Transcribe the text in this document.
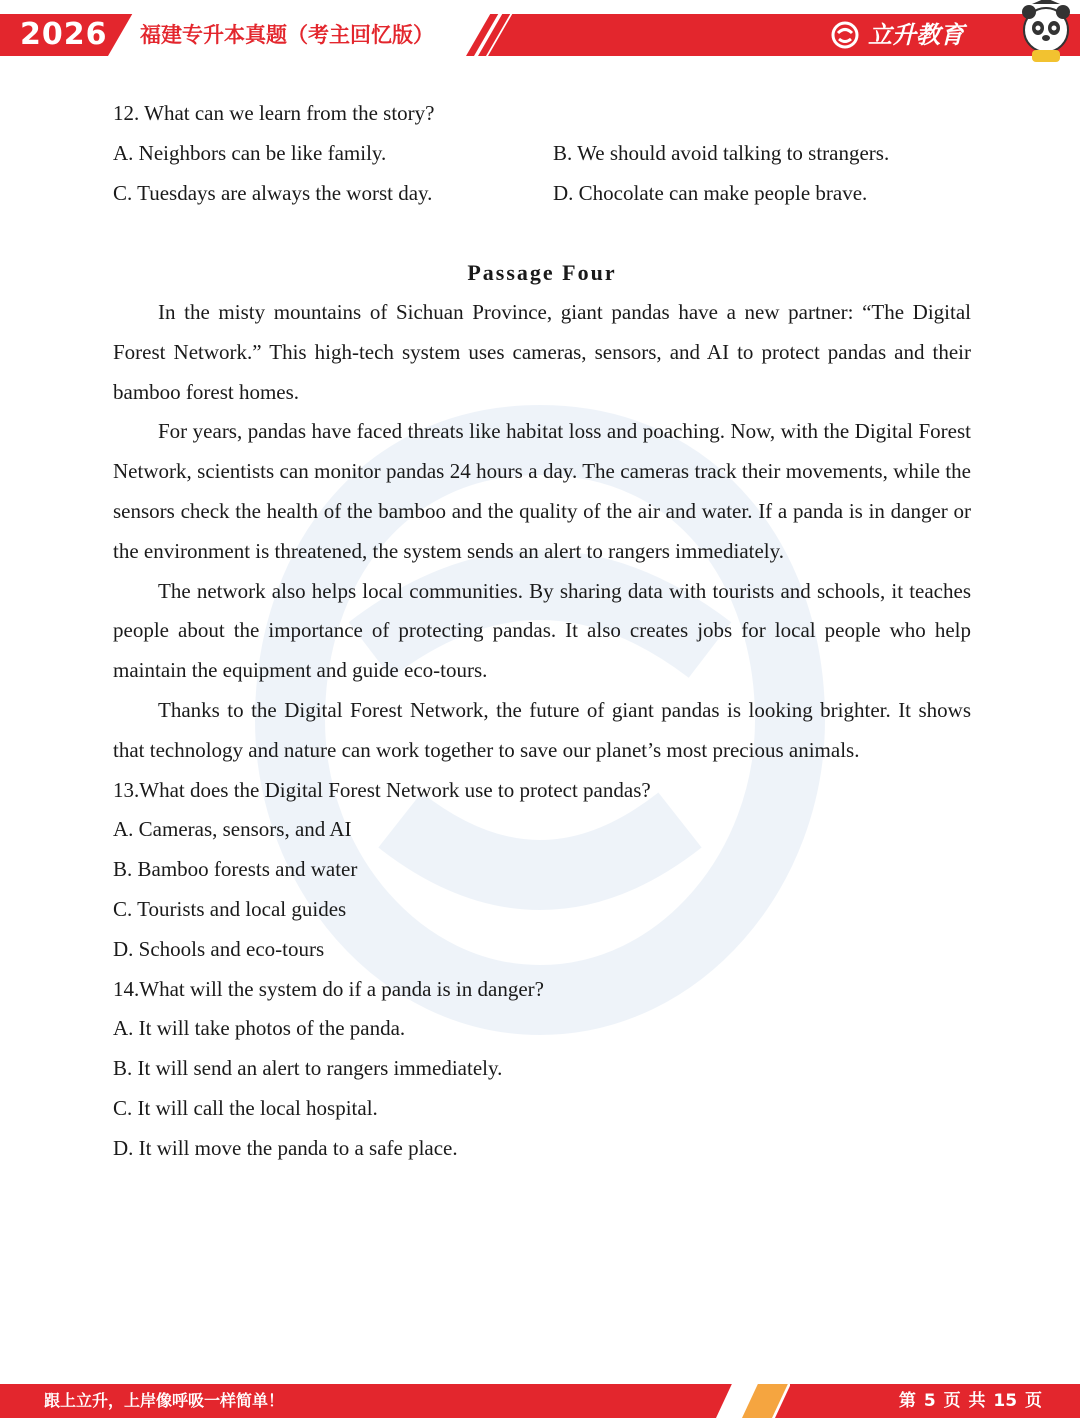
2026 福建专升本真题（考主回忆版）	立升教育
12. What can we learn from the story?
A. Neighbors can be like family.	B. We should avoid talking to strangers.
C. Tuesdays are always the worst day.	D. Chocolate can make people brave.
Passage Four

In the misty mountains of Sichuan Province, giant pandas have a new partner: “The Digital Forest Network.” This high-tech system uses cameras, sensors, and AI to protect pandas and their bamboo forest homes.

For years, pandas have faced threats like habitat loss and poaching. Now, with the Digital Forest Network, scientists can monitor pandas 24 hours a day. The cameras track their movements, while the sensors check the health of the bamboo and the quality of the air and water. If a panda is in danger or the environment is threatened, the system sends an alert to rangers immediately.

The network also helps local communities. By sharing data with tourists and schools, it teaches people about the importance of protecting pandas. It also creates jobs for local people who help maintain the equipment and guide eco-tours.

Thanks to the Digital Forest Network, the future of giant pandas is looking brighter. It shows that technology and nature can work together to save our planet’s most precious animals.

13.What does the Digital Forest Network use to protect pandas?
A. Cameras, sensors, and AI
B. Bamboo forests and water
C. Tourists and local guides
D. Schools and eco-tours
14.What will the system do if a panda is in danger?
A. It will take photos of the panda.
B. It will send an alert to rangers immediately.
C. It will call the local hospital.
D. It will move the panda to a safe place.
跟上立升，上岸像呼吸一样简单！	第 5 页 共 15 页
